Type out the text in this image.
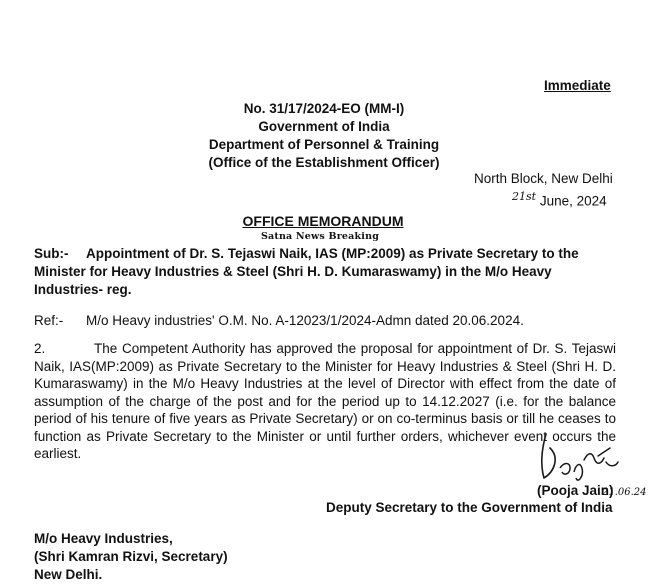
Immediate
No. 31/17/2024-EO (MM-I)
Government of India
Department of Personnel & Training
(Office of the Establishment Officer)
North Block, New Delhi
$^{21st}$ June, 2024
OFFICE MEMORANDUM
Satna News Breaking
Sub:- Appointment of Dr. S. Tejaswi Naik, IAS (MP:2009) as Private Secretary to the Minister for Heavy Industries & Steel (Shri H. D. Kumaraswamy) in the M/o Heavy Industries- reg.
Ref:- M/o Heavy industries' O.M. No. A-12023/1/2024-Admn dated 20.06.2024.
2.	The Competent Authority has approved the proposal for appointment of Dr. S. Tejaswi Naik, IAS(MP:2009) as Private Secretary to the Minister for Heavy Industries & Steel (Shri H. D. Kumaraswamy) in the M/o Heavy Industries at the level of Director with effect from the date of assumption of the charge of the post and for the period up to 14.12.2027 (i.e. for the balance period of his tenure of five years as Private Secretary) or on co-terminus basis or till he ceases to function as Private Secretary to the Minister or until further orders, whichever event occurs the earliest.
(Pooja Jain)
21.06.24
Deputy Secretary to the Government of India
M/o Heavy Industries,
(Shri Kamran Rizvi, Secretary)
New Delhi.
